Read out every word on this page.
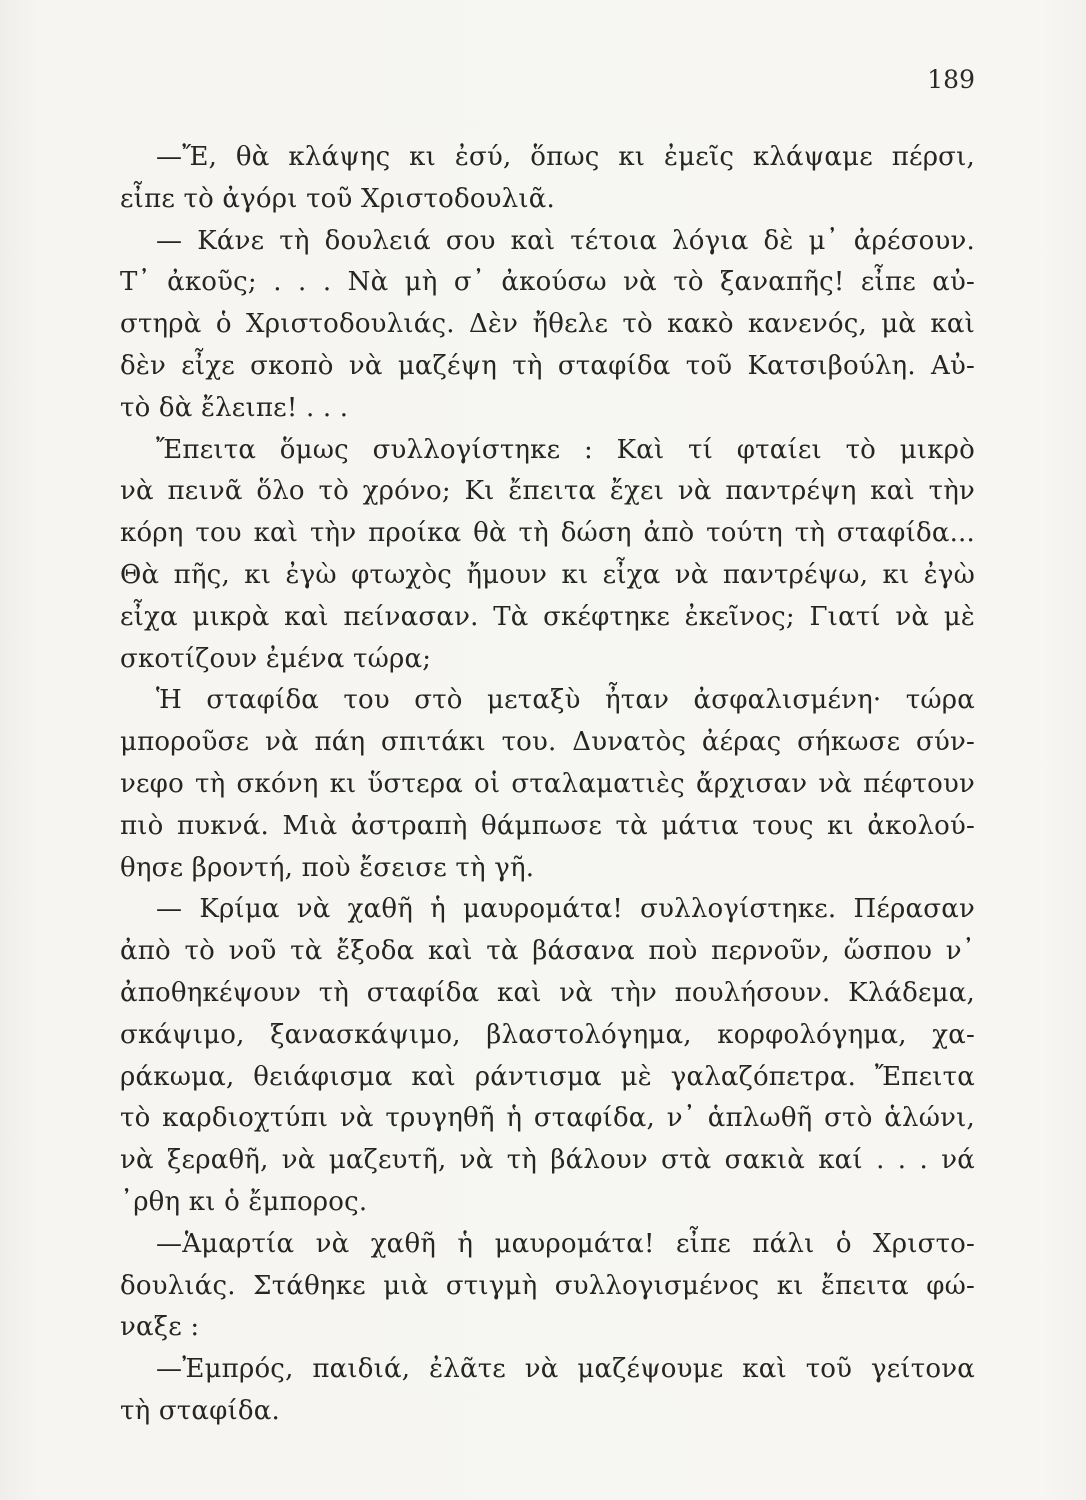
189
—Ἔ, θὰ κλάψης κι ἐσύ, ὅπως κι ἐμεῖς κλάψαμε πέρσι,
εἶπε τὸ ἀγόρι τοῦ Χριστοδουλιᾶ.
— Κάνε τὴ δουλειά σου καὶ τέτοια λόγια δὲ μ᾽ ἀρέσουν.
Τ᾽ ἀκοῦς; . . . Νὰ μὴ σ᾽ ἀκούσω νὰ τὸ ξαναπῆς! εἶπε αὐ-
στηρὰ ὁ Χριστοδουλιάς. Δὲν ἤθελε τὸ κακὸ κανενός, μὰ καὶ
δὲν εἶχε σκοπὸ νὰ μαζέψη τὴ σταφίδα τοῦ Κατσιβούλη. Αὐ-
τὸ δὰ ἔλειπε! . . .
Ἔπειτα ὅμως συλλογίστηκε : Καὶ τί φταίει τὸ μικρὸ
νὰ πεινᾶ ὅλο τὸ χρόνο; Κι ἔπειτα ἔχει νὰ παντρέψη καὶ τὴν
κόρη του καὶ τὴν προίκα θὰ τὴ δώση ἀπὸ τούτη τὴ σταφίδα...
Θὰ πῆς, κι ἐγὼ φτωχὸς ἤμουν κι εἶχα νὰ παντρέψω, κι ἐγὼ
εἶχα μικρὰ καὶ πείνασαν. Τὰ σκέφτηκε ἐκεῖνος; Γιατί νὰ μὲ
σκοτίζουν ἐμένα τώρα;
Ἡ σταφίδα του στὸ μεταξὺ ἦταν ἀσφαλισμένη· τώρα
μποροῦσε νὰ πάη σπιτάκι του. Δυνατὸς ἀέρας σήκωσε σύν-
νεφο τὴ σκόνη κι ὕστερα οἱ σταλαματιὲς ἄρχισαν νὰ πέφτουν
πιὸ πυκνά. Μιὰ ἀστραπὴ θάμπωσε τὰ μάτια τους κι ἀκολού-
θησε βροντή, ποὺ ἔσεισε τὴ γῆ.
— Κρίμα νὰ χαθῆ ἡ μαυρομάτα! συλλογίστηκε. Πέρασαν
ἀπὸ τὸ νοῦ τὰ ἔξοδα καὶ τὰ βάσανα ποὺ περνοῦν, ὥσπου ν᾽
ἀποθηκέψουν τὴ σταφίδα καὶ νὰ τὴν πουλήσουν. Κλάδεμα,
σκάψιμο, ξανασκάψιμο, βλαστολόγημα, κορφολόγημα, χα-
ράκωμα, θειάφισμα καὶ ράντισμα μὲ γαλαζόπετρα. Ἔπειτα
τὸ καρδιοχτύπι νὰ τρυγηθῆ ἡ σταφίδα, ν᾽ ἁπλωθῆ στὸ ἁλώνι,
νὰ ξεραθῆ, νὰ μαζευτῆ, νὰ τὴ βάλουν στὰ σακιὰ καί . . . νά
᾽ρθη κι ὁ ἔμπορος.
—Ἁμαρτία νὰ χαθῆ ἡ μαυρομάτα! εἶπε πάλι ὁ Χριστο-
δουλιάς. Στάθηκε μιὰ στιγμὴ συλλογισμένος κι ἔπειτα φώ-
ναξε :
—Ἐμπρός, παιδιά, ἐλᾶτε νὰ μαζέψουμε καὶ τοῦ γείτονα
τὴ σταφίδα.
